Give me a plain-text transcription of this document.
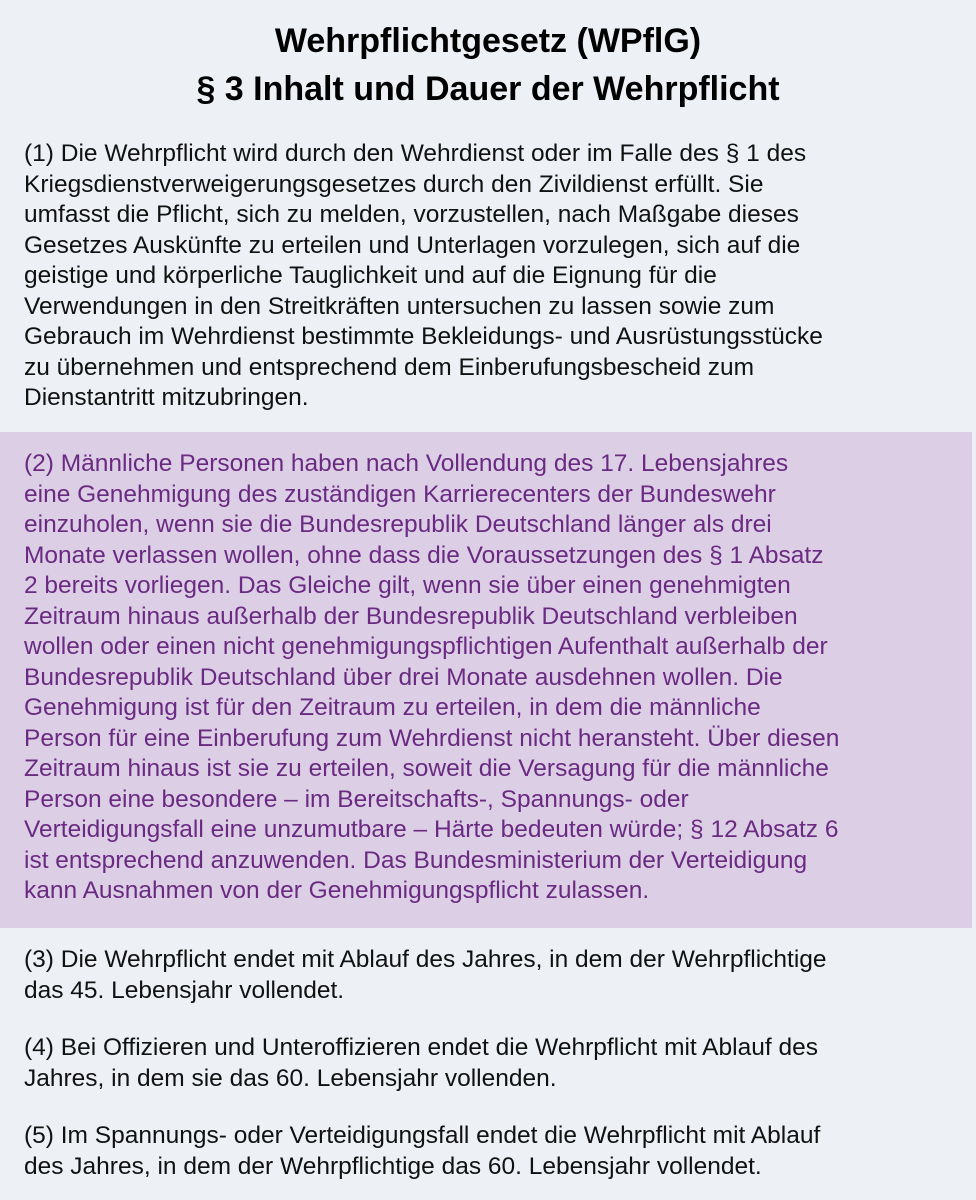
Wehrpflichtgesetz (WPflG)
§ 3 Inhalt und Dauer der Wehrpflicht
(1) Die Wehrpflicht wird durch den Wehrdienst oder im Falle des § 1 des
Kriegsdienstverweigerungsgesetzes durch den Zivildienst erfüllt. Sie
umfasst die Pflicht, sich zu melden, vorzustellen, nach Maßgabe dieses
Gesetzes Auskünfte zu erteilen und Unterlagen vorzulegen, sich auf die
geistige und körperliche Tauglichkeit und auf die Eignung für die
Verwendungen in den Streitkräften untersuchen zu lassen sowie zum
Gebrauch im Wehrdienst bestimmte Bekleidungs- und Ausrüstungsstücke
zu übernehmen und entsprechend dem Einberufungsbescheid zum
Dienstantritt mitzubringen.
(2) Männliche Personen haben nach Vollendung des 17. Lebensjahres
eine Genehmigung des zuständigen Karrierecenters der Bundeswehr
einzuholen, wenn sie die Bundesrepublik Deutschland länger als drei
Monate verlassen wollen, ohne dass die Voraussetzungen des § 1 Absatz
2 bereits vorliegen. Das Gleiche gilt, wenn sie über einen genehmigten
Zeitraum hinaus außerhalb der Bundesrepublik Deutschland verbleiben
wollen oder einen nicht genehmigungspflichtigen Aufenthalt außerhalb der
Bundesrepublik Deutschland über drei Monate ausdehnen wollen. Die
Genehmigung ist für den Zeitraum zu erteilen, in dem die männliche
Person für eine Einberufung zum Wehrdienst nicht heransteht. Über diesen
Zeitraum hinaus ist sie zu erteilen, soweit die Versagung für die männliche
Person eine besondere – im Bereitschafts-, Spannungs- oder
Verteidigungsfall eine unzumutbare – Härte bedeuten würde; § 12 Absatz 6
ist entsprechend anzuwenden. Das Bundesministerium der Verteidigung
kann Ausnahmen von der Genehmigungspflicht zulassen.
(3) Die Wehrpflicht endet mit Ablauf des Jahres, in dem der Wehrpflichtige
das 45. Lebensjahr vollendet.
(4) Bei Offizieren und Unteroffizieren endet die Wehrpflicht mit Ablauf des
Jahres, in dem sie das 60. Lebensjahr vollenden.
(5) Im Spannungs- oder Verteidigungsfall endet die Wehrpflicht mit Ablauf
des Jahres, in dem der Wehrpflichtige das 60. Lebensjahr vollendet.
